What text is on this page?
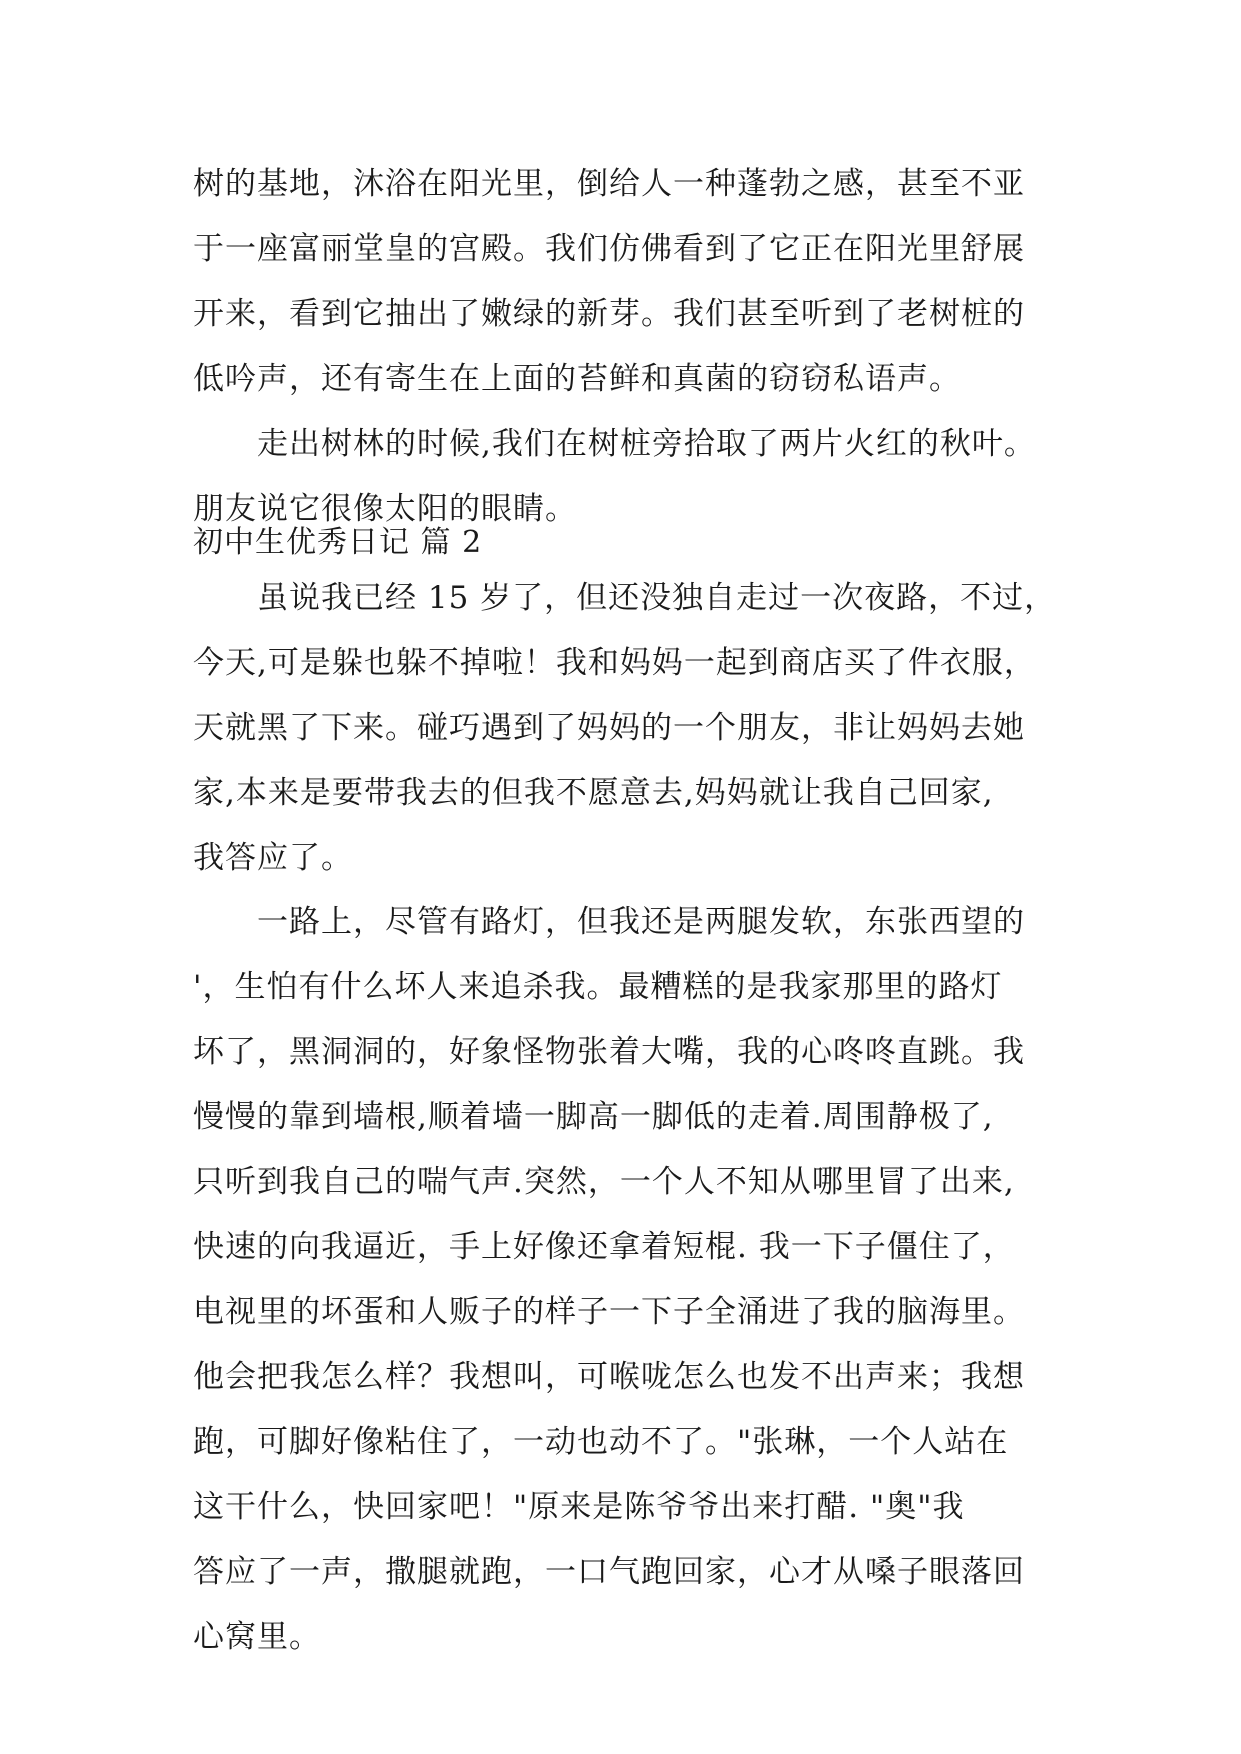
树的基地，沐浴在阳光里，倒给人一种蓬勃之感，甚至不亚
于一座富丽堂皇的宫殿。我们仿佛看到了它正在阳光里舒展
开来，看到它抽出了嫩绿的新芽。我们甚至听到了老树桩的
低吟声，还有寄生在上面的苔鲜和真菌的窃窃私语声。
走出树林的时候,我们在树桩旁拾取了两片火红的秋叶。
朋友说它很像太阳的眼睛。
初中生优秀日记 篇 2
虽说我已经 15 岁了，但还没独自走过一次夜路，不过，
今天,可是躲也躲不掉啦！我和妈妈一起到商店买了件衣服，
天就黑了下来。碰巧遇到了妈妈的一个朋友，非让妈妈去她
家,本来是要带我去的但我不愿意去,妈妈就让我自己回家,
我答应了。
一路上，尽管有路灯，但我还是两腿发软，东张西望的
'，生怕有什么坏人来追杀我。最糟糕的是我家那里的路灯
坏了，黑洞洞的，好象怪物张着大嘴，我的心咚咚直跳。我
慢慢的靠到墙根,顺着墙一脚高一脚低的走着.周围静极了,
只听到我自己的喘气声.突然，一个人不知从哪里冒了出来,
快速的向我逼近，手上好像还拿着短棍. 我一下子僵住了，
电视里的坏蛋和人贩子的样子一下子全涌进了我的脑海里。
他会把我怎么样？我想叫，可喉咙怎么也发不出声来；我想
跑，可脚好像粘住了，一动也动不了。"张琳，一个人站在
这干什么，快回家吧！"原来是陈爷爷出来打醋. "奥"我
答应了一声，撒腿就跑，一口气跑回家，心才从嗓子眼落回
心窝里。
